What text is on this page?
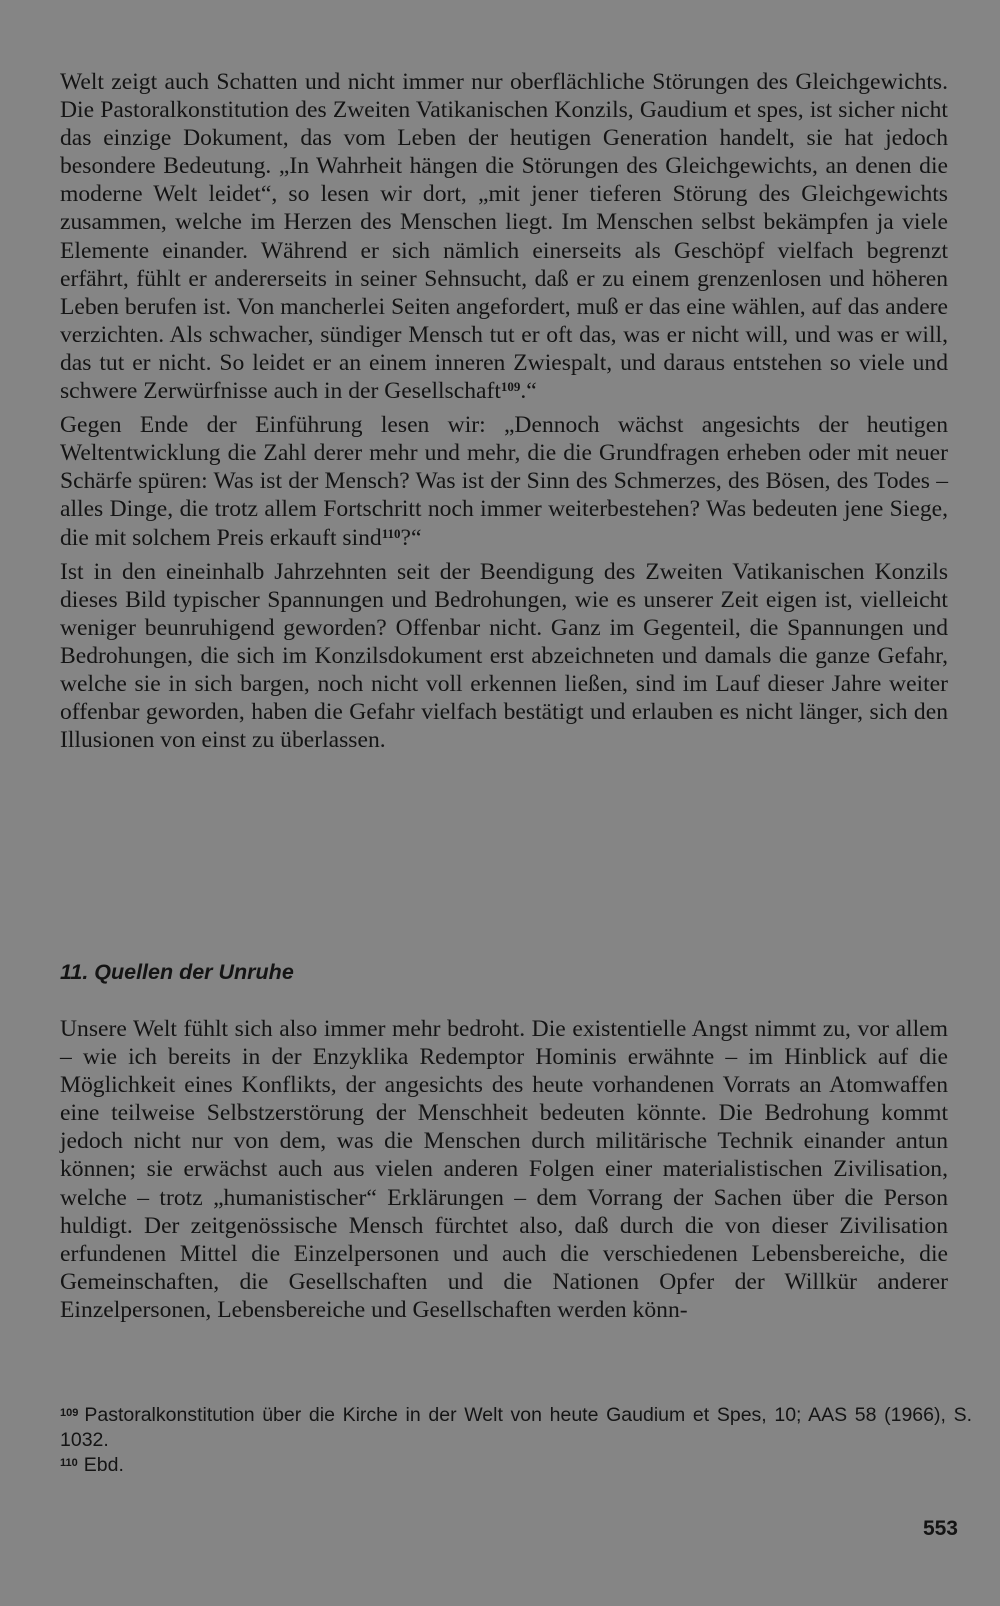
Welt zeigt auch Schatten und nicht immer nur oberflächliche Störungen des Gleichgewichts. Die Pastoralkonstitution des Zweiten Vatikanischen Konzils, Gaudium et spes, ist sicher nicht das einzige Dokument, das vom Leben der heutigen Generation handelt, sie hat jedoch besondere Bedeutung. „In Wahrheit hängen die Störungen des Gleichgewichts, an denen die moderne Welt leidet“, so lesen wir dort, „mit jener tieferen Störung des Gleichgewichts zusammen, welche im Herzen des Menschen liegt. Im Menschen selbst bekämpfen ja viele Elemente einander. Während er sich nämlich einerseits als Geschöpf vielfach begrenzt erfährt, fühlt er andererseits in seiner Sehnsucht, daß er zu einem grenzenlosen und höheren Leben berufen ist. Von mancherlei Seiten angefordert, muß er das eine wählen, auf das andere verzichten. Als schwacher, sündiger Mensch tut er oft das, was er nicht will, und was er will, das tut er nicht. So leidet er an einem inneren Zwiespalt, und daraus entstehen so viele und schwere Zerwürfnisse auch in der Gesellschaft$^{109}$.“

Gegen Ende der Einführung lesen wir: „Dennoch wächst angesichts der heutigen Weltentwicklung die Zahl derer mehr und mehr, die die Grundfragen erheben oder mit neuer Schärfe spüren: Was ist der Mensch? Was ist der Sinn des Schmerzes, des Bösen, des Todes – alles Dinge, die trotz allem Fortschritt noch immer weiterbestehen? Was bedeuten jene Siege, die mit solchem Preis erkauft sind$^{110}$?“

Ist in den eineinhalb Jahrzehnten seit der Beendigung des Zweiten Vatikanischen Konzils dieses Bild typischer Spannungen und Bedrohungen, wie es unserer Zeit eigen ist, vielleicht weniger beunruhigend geworden? Offenbar nicht. Ganz im Gegenteil, die Spannungen und Bedrohungen, die sich im Konzilsdokument erst abzeichneten und damals die ganze Gefahr, welche sie in sich bargen, noch nicht voll erkennen ließen, sind im Lauf dieser Jahre weiter offenbar geworden, haben die Gefahr vielfach bestätigt und erlauben es nicht länger, sich den Illusionen von einst zu überlassen.

11. Quellen der Unruhe

Unsere Welt fühlt sich also immer mehr bedroht. Die existentielle Angst nimmt zu, vor allem – wie ich bereits in der Enzyklika Redemptor Hominis erwähnte – im Hinblick auf die Möglichkeit eines Konflikts, der angesichts des heute vorhandenen Vorrats an Atomwaffen eine teilweise Selbstzerstörung der Menschheit bedeuten könnte. Die Bedrohung kommt jedoch nicht nur von dem, was die Menschen durch militärische Technik einander antun können; sie erwächst auch aus vielen anderen Folgen einer materialistischen Zivilisation, welche – trotz „humanistischer“ Erklärungen – dem Vorrang der Sachen über die Person huldigt. Der zeitgenössische Mensch fürchtet also, daß durch die von dieser Zivilisation erfundenen Mittel die Einzelpersonen und auch die verschiedenen Lebensbereiche, die Gemeinschaften, die Gesellschaften und die Nationen Opfer der Willkür anderer Einzelpersonen, Lebensbereiche und Gesellschaften werden könn-

$^{109}$ Pastoralkonstitution über die Kirche in der Welt von heute Gaudium et Spes, 10; AAS 58 (1966), S. 1032.

$^{110}$ Ebd.

553
